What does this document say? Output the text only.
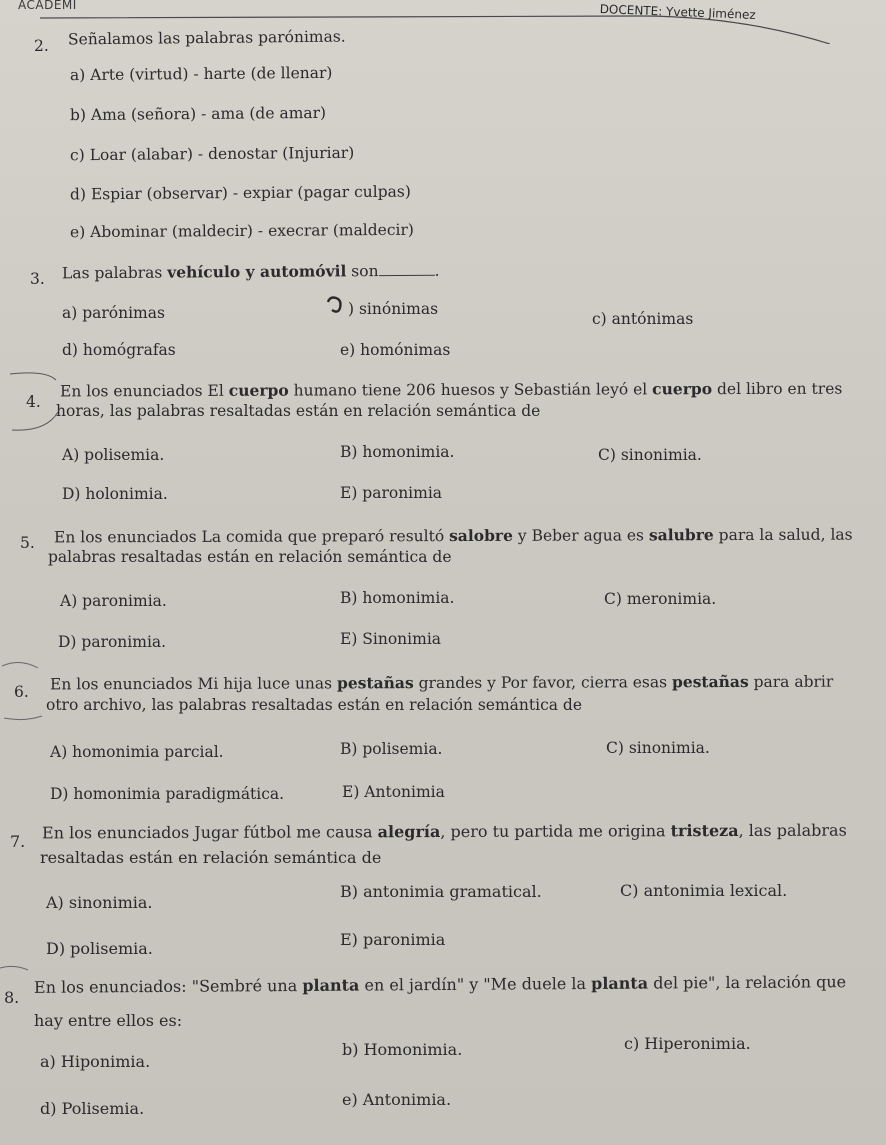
ACADEMI	DOCENTE: Yvette Jiménez
2. Señalamos las palabras parónimas.
a) Arte (virtud) - harte (de llenar)
b) Ama (señora) - ama (de amar)
c) Loar (alabar) - denostar (Injuriar)
d) Espiar (observar) - expiar (pagar culpas)
e) Abominar (maldecir) - execrar (maldecir)
3. Las palabras vehículo y automóvil son	.
a) parónimas	) sinónimas
c) antónimas
d) homógrafas	e) homónimas
4.
En los enunciados El cuerpo humano tiene 206 huesos y Sebastián leyó el cuerpo del libro en tres
horas, las palabras resaltadas están en relación semántica de
A) polisemia.	B) homonimia.	C) sinonimia.
D) holonimia.	E) paronimia
5. En los enunciados La comida que preparó resultó salobre y Beber agua es salubre para la salud, las
palabras resaltadas están en relación semántica de
A) paronimia.	B) homonimia.	C) meronimia.
D) paronimia.	E) Sinonimia
6. En los enunciados Mi hija luce unas pestañas grandes y Por favor, cierra esas pestañas para abrir
otro archivo, las palabras resaltadas están en relación semántica de
A) homonimia parcial.	B) polisemia.	C) sinonimia.
D) homonimia paradigmática.	E) Antonimia
7. En los enunciados Jugar fútbol me causa alegría, pero tu partida me origina tristeza, las palabras
resaltadas están en relación semántica de
A) sinonimia.
B) antonimia gramatical.	C) antonimia lexical.
D) polisemia.	E) paronimia
8.
En los enunciados: "Sembré una planta en el jardín" y "Me duele la planta del pie", la relación que
hay entre ellos es:
a) Hiponimia.
b) Homonimia.	c) Hiperonimia.
d) Polisemia.	e) Antonimia.
